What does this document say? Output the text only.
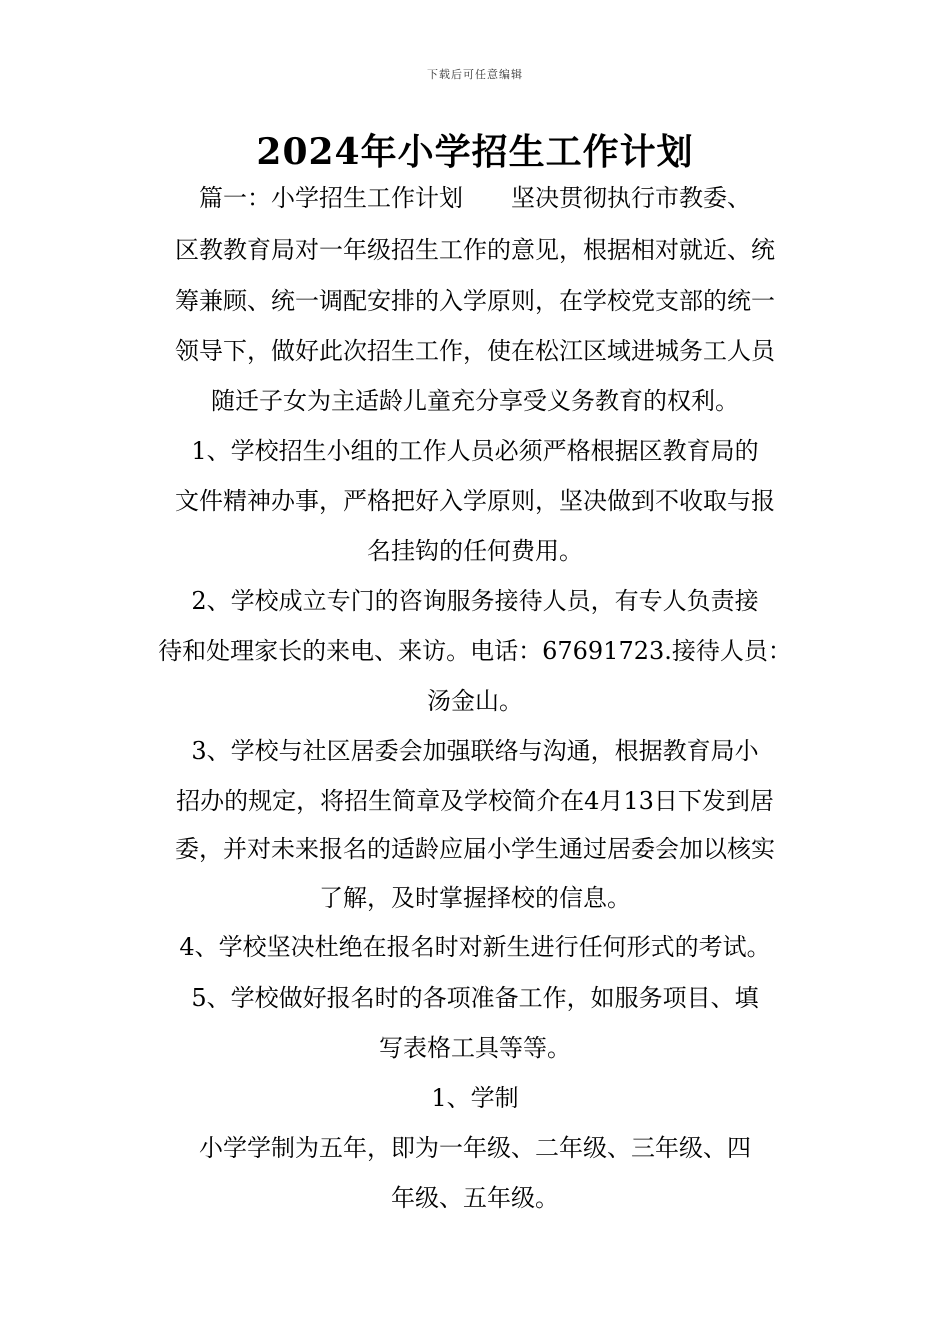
下载后可任意编辑
2024年小学招生工作计划
篇一：小学招生工作计划　　坚决贯彻执行市教委、
区教教育局对一年级招生工作的意见，根据相对就近、统
筹兼顾、统一调配安排的入学原则，在学校党支部的统一
领导下，做好此次招生工作，使在松江区域进城务工人员
随迁子女为主适龄儿童充分享受义务教育的权利。
1、学校招生小组的工作人员必须严格根据区教育局的
文件精神办事，严格把好入学原则，坚决做到不收取与报
名挂钩的任何费用。
2、学校成立专门的咨询服务接待人员，有专人负责接
待和处理家长的来电、来访。电话：67691723.接待人员：
汤金山。
3、学校与社区居委会加强联络与沟通，根据教育局小
招办的规定，将招生简章及学校简介在4月13日下发到居
委，并对未来报名的适龄应届小学生通过居委会加以核实
了解，及时掌握择校的信息。
4、学校坚决杜绝在报名时对新生进行任何形式的考试。
5、学校做好报名时的各项准备工作，如服务项目、填
写表格工具等等。
1、学制
小学学制为五年，即为一年级、二年级、三年级、四
年级、五年级。
